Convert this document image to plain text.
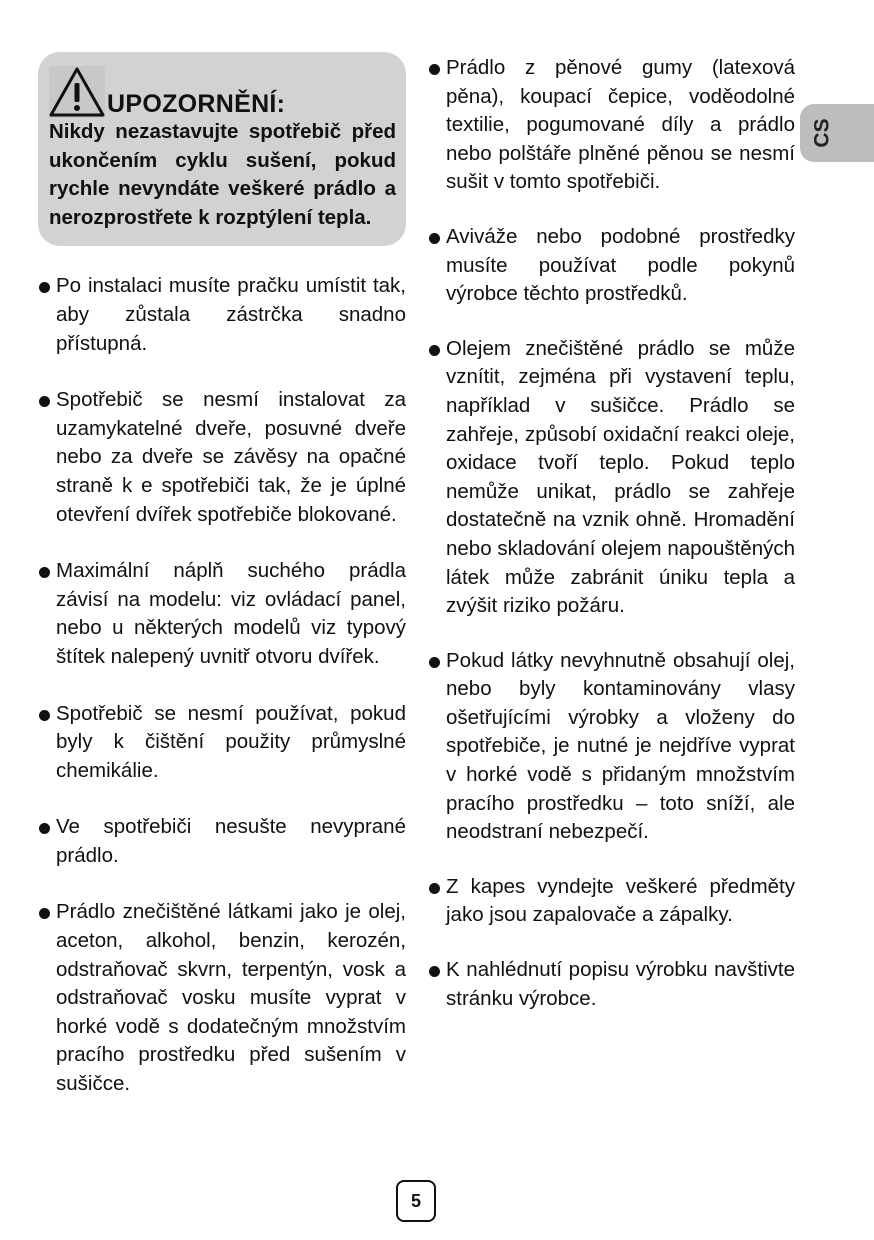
UPOZORNĚNÍ:

Nikdy nezastavujte spotřebič před ukončením cyklu sušení, pokud rychle nevyndáte veškeré prádlo a nerozprostřete k rozptýlení tepla.

Po instalaci musíte pračku umístit tak, aby zůstala zástrčka snadno přístupná.

Spotřebič se nesmí instalovat za uzamykatelné dveře, posuvné dveře nebo za dveře se závěsy na opačné straně k e spotřebiči tak, že je úplné otevření dvířek spotřebiče blokované.

Maximální náplň suchého prádla závisí na modelu: viz ovládací panel, nebo u některých modelů viz typový štítek nalepený uvnitř otvoru dvířek.

Spotřebič se nesmí používat, pokud byly k čištění použity průmyslné chemikálie.

Ve spotřebiči nesušte nevyprané prádlo.

Prádlo znečištěné látkami jako je olej, aceton, alkohol, benzin, kerozén, odstraňovač skvrn, terpentýn, vosk a odstraňovač vosku musíte vyprat v horké vodě s dodatečným množstvím pracího prostředku před sušením v sušičce.

Prádlo z pěnové gumy (latexová pěna), koupací čepice, voděodolné textilie, pogumované díly a prádlo nebo polštáře plněné pěnou se nesmí sušit v tomto spotřebiči.

Aviváže nebo podobné prostředky musíte používat podle pokynů výrobce těchto prostředků.

Olejem znečištěné prádlo se může vznítit, zejména při vystavení teplu, například v sušičce. Prádlo se zahřeje, způsobí oxidační reakci oleje, oxidace tvoří teplo. Pokud teplo nemůže unikat, prádlo se zahřeje dostatečně na vznik ohně. Hromadění nebo skladování olejem napouštěných látek může zabránit úniku tepla a zvýšit riziko požáru.

Pokud látky nevyhnutně obsahují olej, nebo byly kontaminovány vlasy ošetřujícími výrobky a vloženy do spotřebiče, je nutné je nejdříve vyprat v horké vodě s přidaným množstvím pracího prostředku – toto sníží, ale neodstraní nebezpečí.

Z kapes vyndejte veškeré předměty jako jsou zapalovače a zápalky.

K nahlédnutí popisu výrobku navštivte stránku výrobce.

CS
5
